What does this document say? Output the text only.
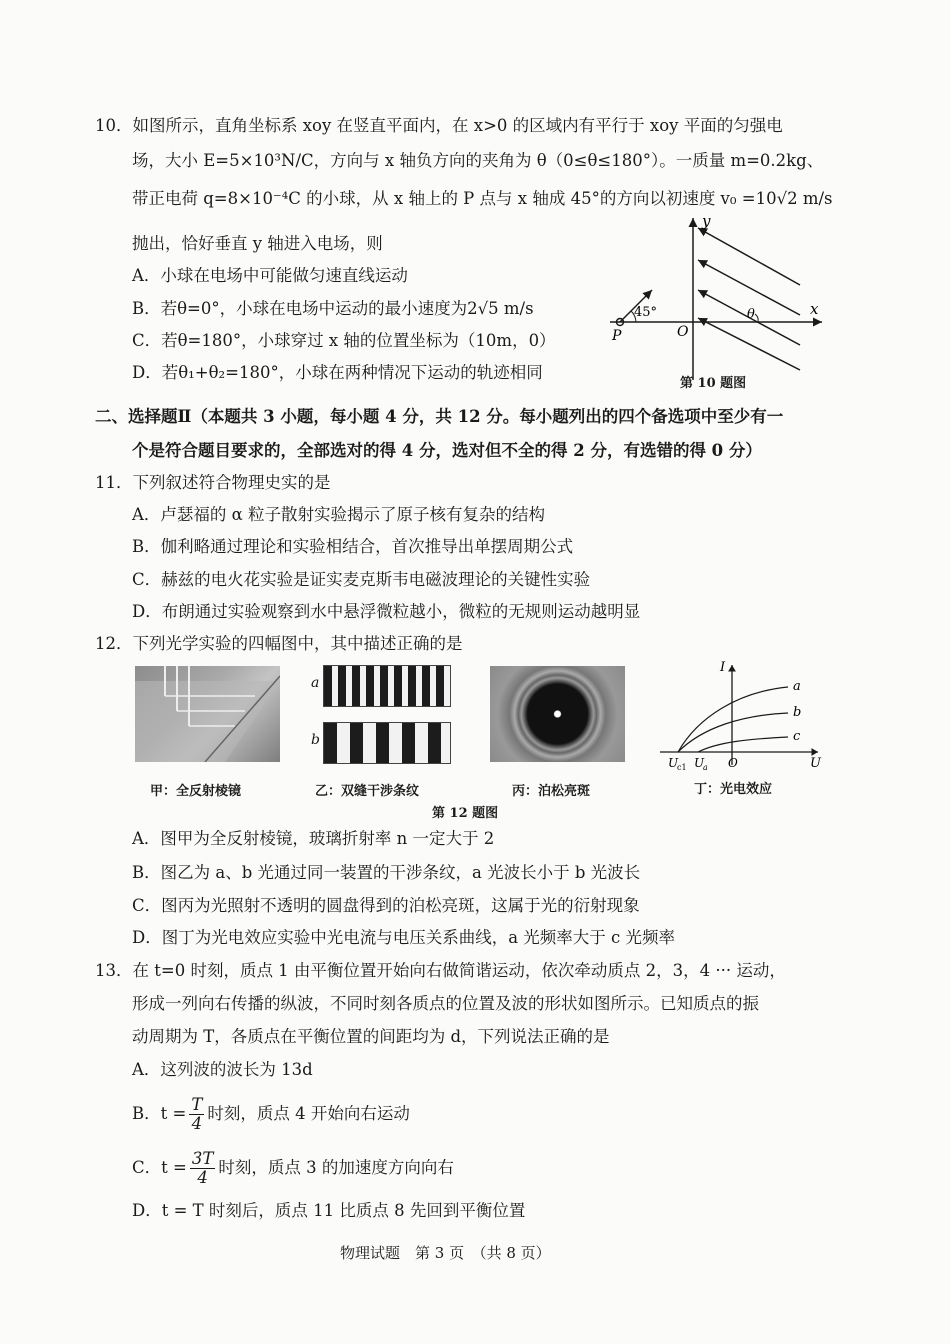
10．如图所示，直角坐标系 xoy 在竖直平面内，在 x>0 的区域内有平行于 xoy 平面的匀强电
场，大小 E=5×10³N/C，方向与 x 轴负方向的夹角为 θ（0≤θ≤180°）。一质量 m=0.2kg、
带正电荷 q=8×10⁻⁴C 的小球，从 x 轴上的 P 点与 x 轴成 45°的方向以初速度 v₀ =10√2 m/s
抛出，恰好垂直 y 轴进入电场，则
A．小球在电场中可能做匀速直线运动
B．若θ=0°，小球在电场中运动的最小速度为2√5 m/s
C．若θ=180°，小球穿过 x 轴的位置坐标为（10m，0）
D．若θ₁+θ₂=180°，小球在两种情况下运动的轨迹相同
y
x
O
P
45°	θ
第 10 题图
二、选择题Ⅱ（本题共 3 小题，每小题 4 分，共 12 分。每小题列出的四个备选项中至少有一
个是符合题目要求的，全部选对的得 4 分，选对但不全的得 2 分，有选错的得 0 分）
11．下列叙述符合物理史实的是
A．卢瑟福的 α 粒子散射实验揭示了原子核有复杂的结构
B．伽利略通过理论和实验相结合，首次推导出单摆周期公式
C．赫兹的电火花实验是证实麦克斯韦电磁波理论的关键性实验
D．布朗通过实验观察到水中悬浮微粒越小，微粒的无规则运动越明显
12．下列光学实验的四幅图中，其中描述正确的是
a
b
I
U
O
U
c1 U
a
a
b
c
甲：全反射棱镜	乙：双缝干涉条纹	丙：泊松亮斑	丁：光电效应
第 12 题图
A．图甲为全反射棱镜，玻璃折射率 n 一定大于 2
B．图乙为 a、b 光通过同一装置的干涉条纹，a 光波长小于 b 光波长
C．图丙为光照射不透明的圆盘得到的泊松亮斑，这属于光的衍射现象
D．图丁为光电效应实验中光电流与电压关系曲线，a 光频率大于 c 光频率
13．在 t=0 时刻，质点 1 由平衡位置开始向右做简谐运动，依次牵动质点 2，3，4 ··· 运动，
形成一列向右传播的纵波，不同时刻各质点的位置及波的形状如图所示。已知质点的振
动周期为 T，各质点在平衡位置的间距均为 d，下列说法正确的是
A．这列波的波长为 13d
B．$t = \frac{T}{4}$ 时刻，质点 4 开始向右运动
C．$t = \frac{3T}{4}$ 时刻，质点 3 的加速度方向向右
D．t = T 时刻后，质点 11 比质点 8 先回到平衡位置
物理试题　第 3 页　（共 8 页）
